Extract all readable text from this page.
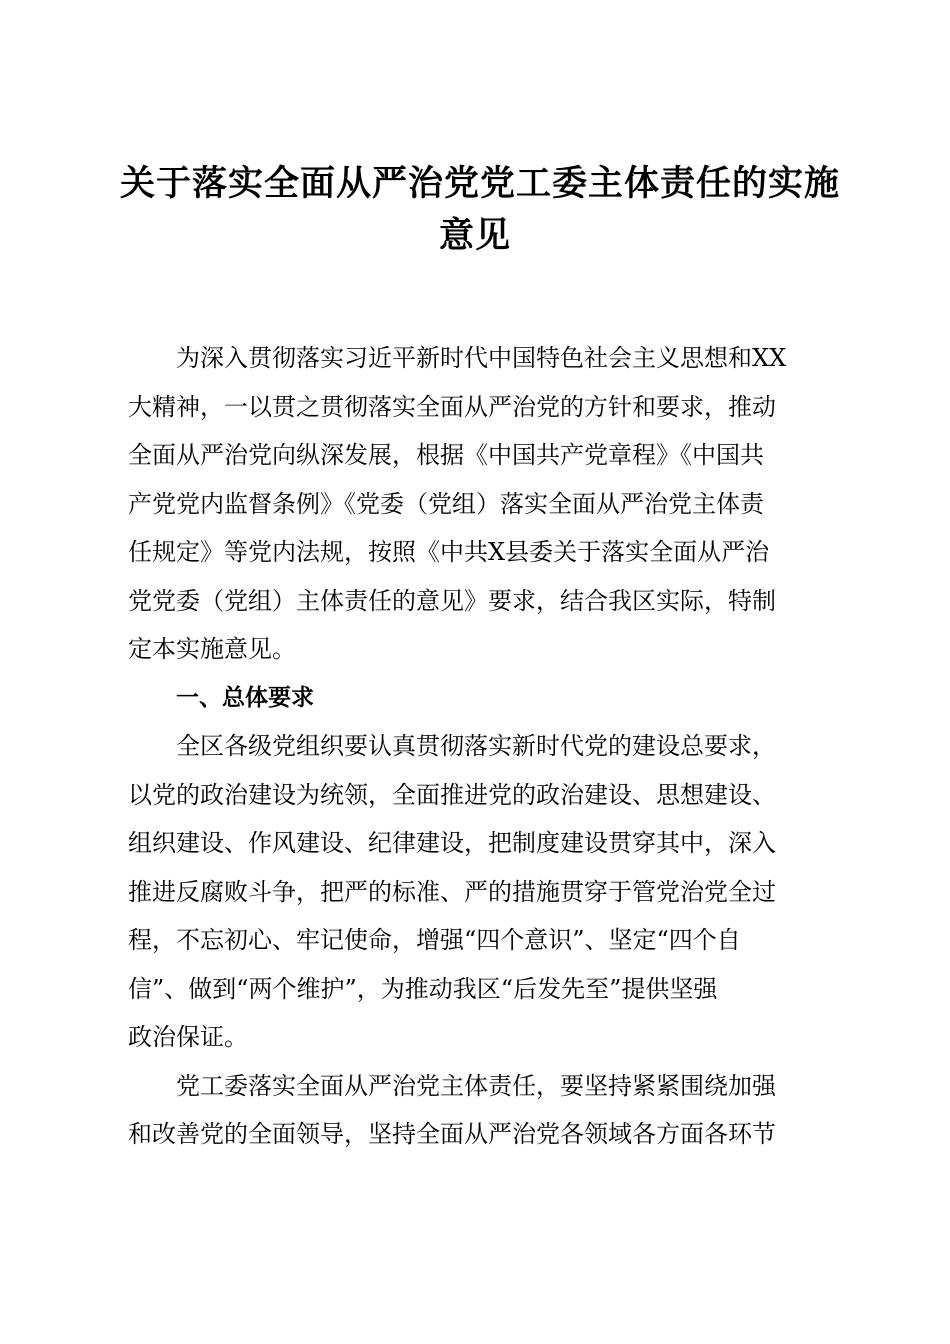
关于落实全面从严治党党工委主体责任的实施
意见

　　为深入贯彻落实习近平新时代中国特色社会主义思想和XX
大精神，一以贯之贯彻落实全面从严治党的方针和要求，推动
全面从严治党向纵深发展，根据《中国共产党章程》《中国共
产党党内监督条例》《党委（党组）落实全面从严治党主体责
任规定》等党内法规，按照《中共X县委关于落实全面从严治
党党委（党组）主体责任的意见》要求，结合我区实际，特制
定本实施意见。

一、总体要求

　　全区各级党组织要认真贯彻落实新时代党的建设总要求，
以党的政治建设为统领，全面推进党的政治建设、思想建设、
组织建设、作风建设、纪律建设，把制度建设贯穿其中，深入
推进反腐败斗争，把严的标准、严的措施贯穿于管党治党全过
程，不忘初心、牢记使命，增强“四个意识”、坚定“四个自
信”、做到“两个维护”，为推动我区“后发先至”提供坚强
政治保证。

　　党工委落实全面从严治党主体责任，要坚持紧紧围绕加强
和改善党的全面领导，坚持全面从严治党各领域各方面各环节
